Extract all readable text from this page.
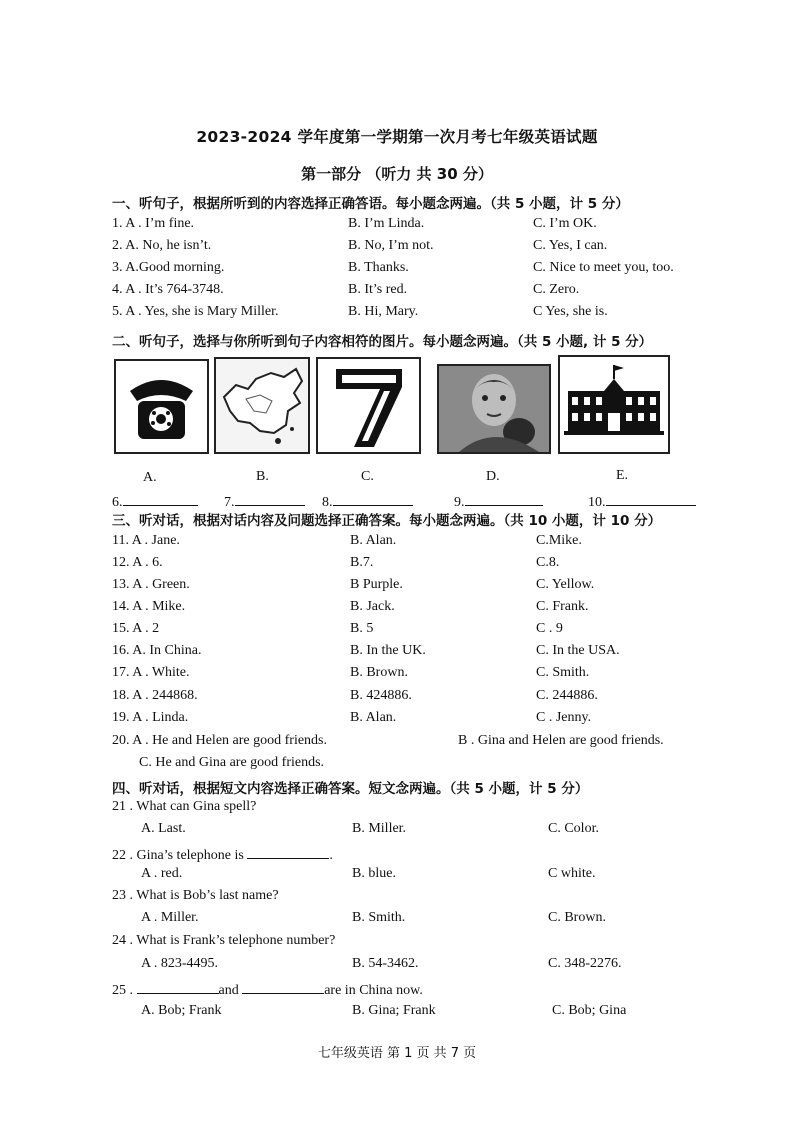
2023-2024 学年度第一学期第一次月考七年级英语试题
第一部分 （听力 共 30 分）
一、听句子，根据所听到的内容选择正确答语。每小题念两遍。（共 5 小题，计 5 分）
1. A . I’m fine.	B. I’m Linda.	C. I’m OK.
2. A. No, he isn’t.	B. No, I’m not.	C. Yes, I can.
3. A.Good morning.	B. Thanks.	C. Nice to meet you, too.
4. A . It’s 764-3748.	B. It’s red.	C. Zero.
5. A . Yes, she is Mary Miller.	B. Hi, Mary.	C Yes, she is.
二、听句子，选择与你所听到句子内容相符的图片。每小题念两遍。（共 5 小题, 计 5 分）
A.	B.	C.	D.	E.
6.	7.	8.	9.	10.
三、听对话，根据对话内容及问题选择正确答案。每小题念两遍。（共 10 小题，计 10 分）
11. A . Jane.	B. Alan.	C.Mike.
12. A . 6.	B.7.	C.8.
13. A . Green.	B Purple.	C. Yellow.
14. A . Mike.	B. Jack.	C. Frank.
15. A . 2	B. 5	C . 9
16. A. In China.	B. In the UK.	C. In the USA.
17. A . White.	B. Brown.	C. Smith.
18. A . 244868.	B. 424886.	C. 244886.
19. A . Linda.	B. Alan.	C . Jenny.
20. A . He and Helen are good friends.	B . Gina and Helen are good friends.
C. He and Gina are good friends.
四、听对话，根据短文内容选择正确答案。短文念两遍。（共 5 小题，计 5 分）
21 . What can Gina spell?
A. Last.	B. Miller.	C. Color.
22 . Gina’s telephone is	.
A . red.	B. blue.	C white.
23 . What is Bob’s last name?
A . Miller.	B. Smith.	C. Brown.
24 . What is Frank’s telephone number?
A . 823-4495.	B. 54-3462.	C. 348-2276.
25 .	and	are in China now.
A. Bob; Frank	B. Gina; Frank	C. Bob; Gina
七年级英语 第 1 页 共 7 页
